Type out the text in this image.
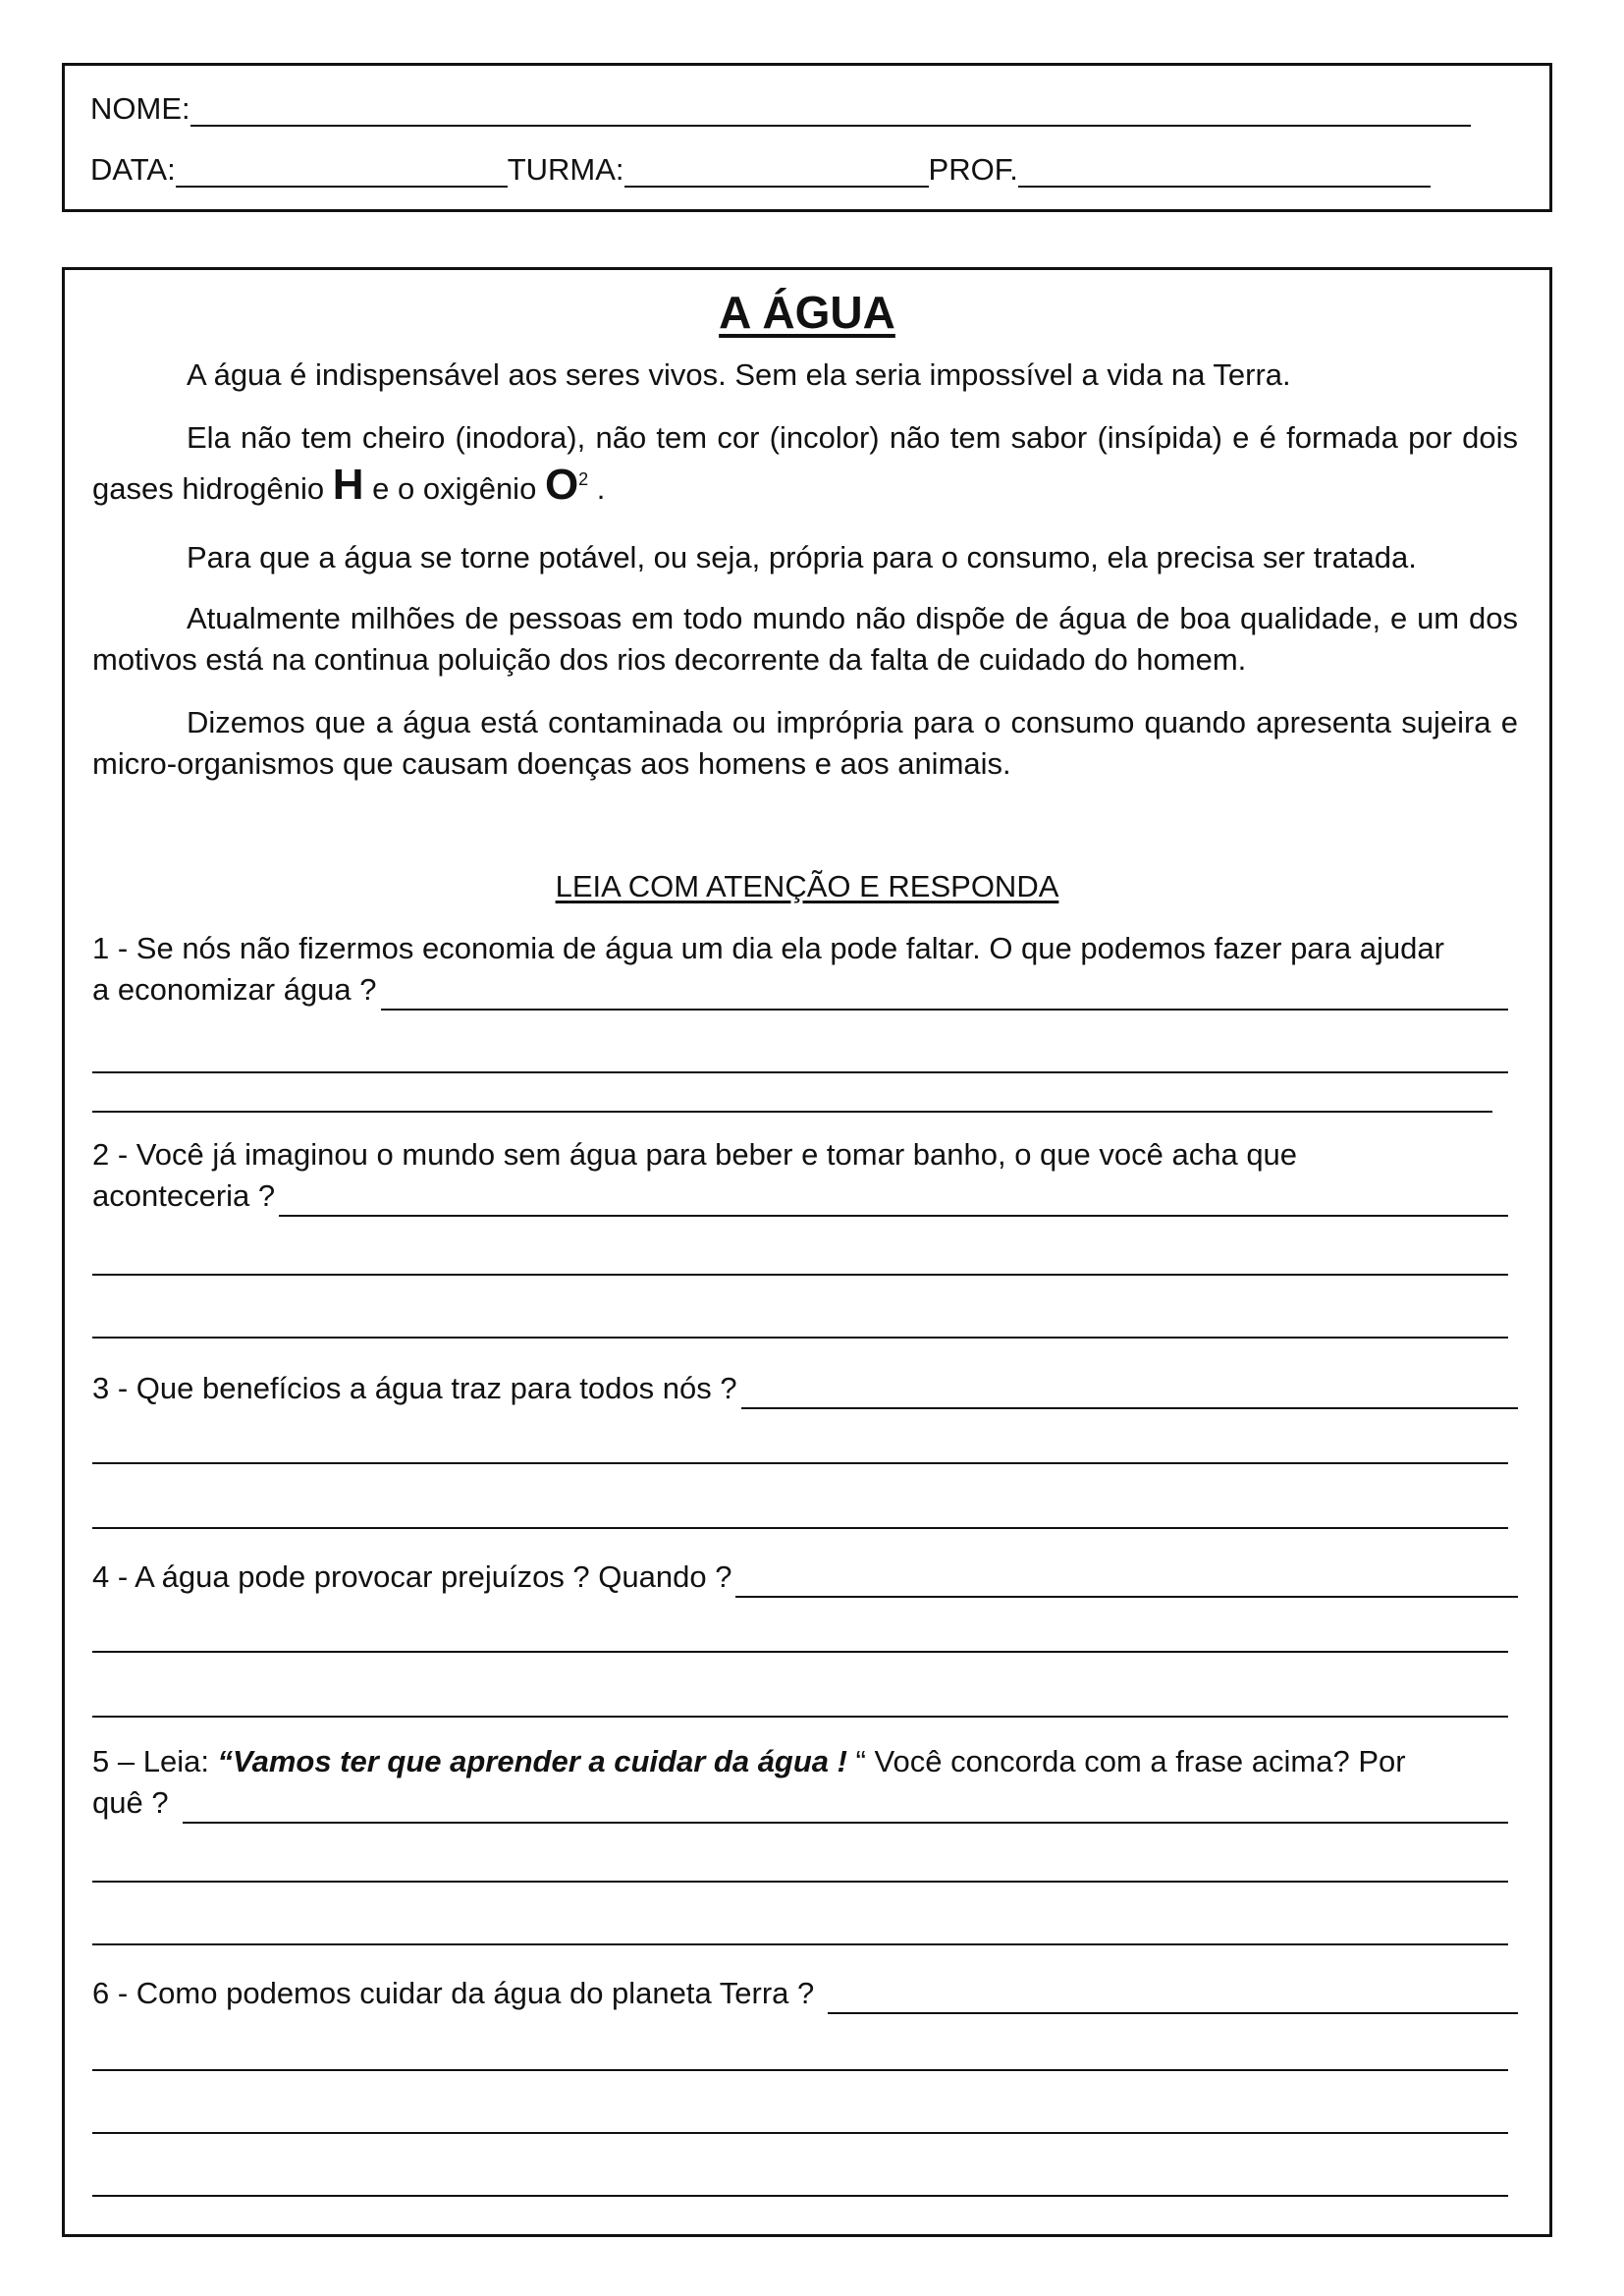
NOME:
DATA:	TURMA:	PROF.
A ÁGUA
A água é indispensável aos seres vivos. Sem ela seria impossível a vida na Terra.
Ela não tem cheiro (inodora), não tem cor (incolor) não tem sabor (insípida) e é formada por dois gases hidrogênio H e o oxigênio $O^2$ .
Para que a água se torne potável, ou seja, própria para o consumo, ela precisa ser tratada.
Atualmente milhões de pessoas em todo mundo não dispõe de água de boa qualidade, e um dos motivos está na continua poluição dos rios decorrente da falta de cuidado do homem.
Dizemos que a água está contaminada ou imprópria para o consumo quando apresenta sujeira e micro-organismos que causam doenças aos homens e aos animais.
LEIA COM ATENÇÃO E RESPONDA
1 - Se nós não fizermos economia de água um dia ela pode faltar. O que podemos fazer para ajudar
a economizar água ?
2 - Você já imaginou o mundo sem água para beber e tomar banho, o que você acha que
aconteceria ?
3 - Que benefícios a água traz para todos nós ?
4 - A água pode provocar prejuízos ? Quando ?
5 – Leia: “Vamos ter que aprender a cuidar da água ! “ Você concorda com a frase acima? Por
quê ?
6 - Como podemos cuidar da água do planeta Terra ?
